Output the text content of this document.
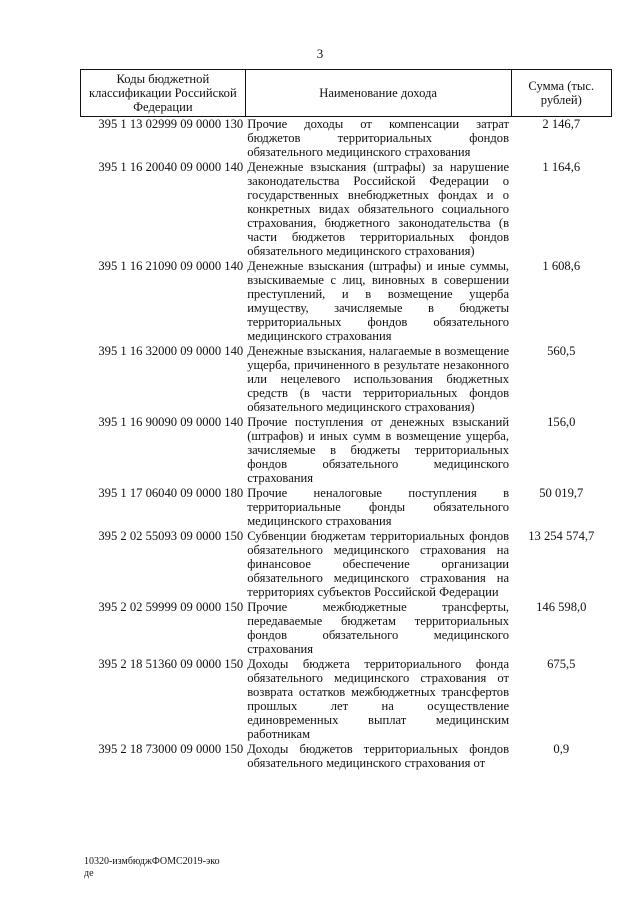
3
Коды бюджетной классификации Российской Федерации	Наименование дохода	Сумма (тыс. рублей)
395 1 13 02999 09 0000 130	Прочие доходы от компенсации затрат бюджетов территориальных фондов обязательного медицинского страхования	2 146,7
395 1 16 20040 09 0000 140	Денежные взыскания (штрафы) за нарушение законодательства Российской Федерации о государственных внебюджетных фондах и о конкретных видах обязательного социального страхования, бюджетного законодательства (в части бюджетов территориальных фондов обязательного медицинского страхования)	1 164,6
395 1 16 21090 09 0000 140	Денежные взыскания (штрафы) и иные суммы, взыскиваемые с лиц, виновных в совершении преступлений, и в возмещение ущерба имуществу, зачисляемые в бюджеты территориальных фондов обязательного медицинского страхования	1 608,6
395 1 16 32000 09 0000 140	Денежные взыскания, налагаемые в возмещение ущерба, причиненного в результате незаконного или нецелевого использования бюджетных средств (в части территориальных фондов обязательного медицинского страхования)	560,5
395 1 16 90090 09 0000 140	Прочие поступления от денежных взысканий (штрафов) и иных сумм в возмещение ущерба, зачисляемые в бюджеты территориальных фондов обязательного медицинского страхования	156,0
395 1 17 06040 09 0000 180	Прочие неналоговые поступления в территориальные фонды обязательного медицинского страхования	50 019,7
395 2 02 55093 09 0000 150	Субвенции бюджетам территориальных фондов обязательного медицинского страхования на финансовое обеспечение организации обязательного медицинского страхования на территориях субъектов Российской Федерации	13 254 574,7
395 2 02 59999 09 0000 150	Прочие межбюджетные трансферты, передаваемые бюджетам территориальных фондов обязательного медицинского страхования	146 598,0
395 2 18 51360 09 0000 150	Доходы бюджета территориального фонда обязательного медицинского страхования от возврата остатков межбюджетных трансфертов прошлых лет на осуществление единовременных выплат медицинским работникам	675,5
395 2 18 73000 09 0000 150	Доходы бюджетов территориальных фондов обязательного медицинского страхования от	0,9
10320-измбюджФОМС2019-эко де
